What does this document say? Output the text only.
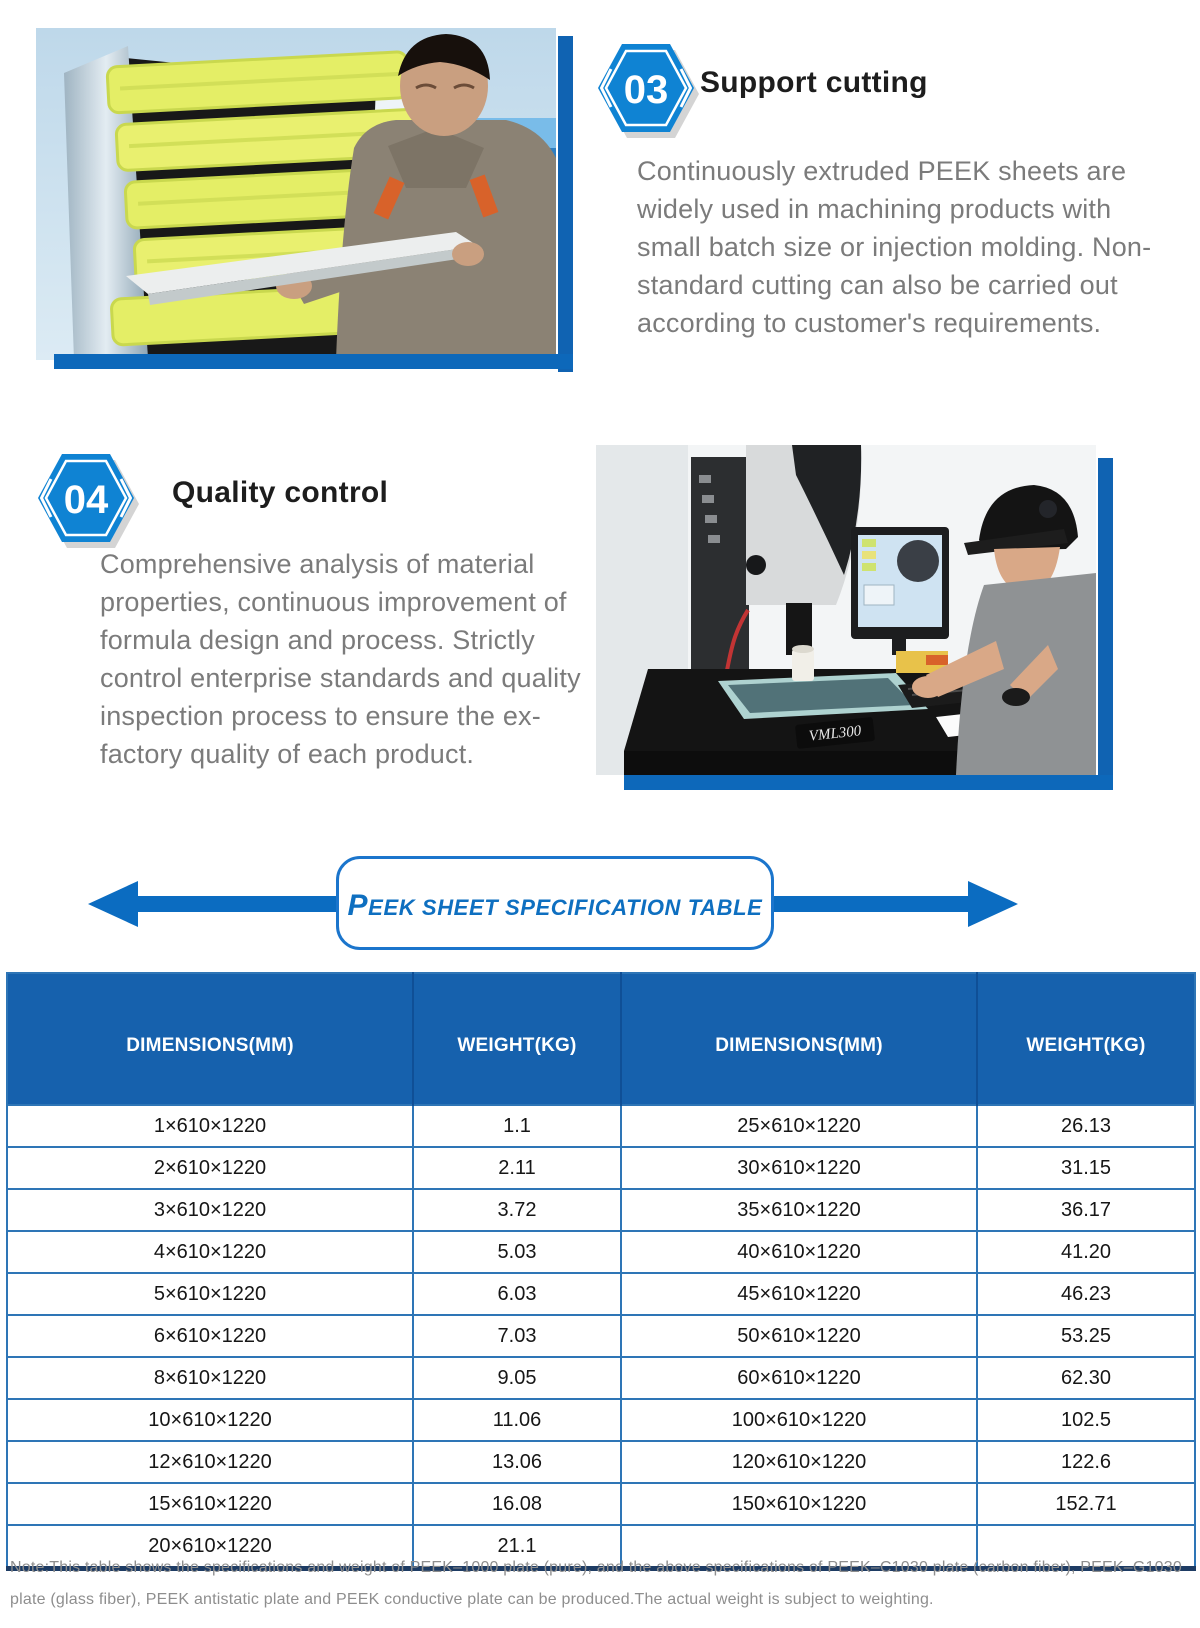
03 Support cutting
Continuously extruded PEEK sheets are widely used in machining products with small batch size or injection molding. Non-standard cutting can also be carried out according to customer's requirements.
04 Quality control
Comprehensive analysis of material properties, continuous improvement of formula design and process. Strictly control enterprise standards and quality inspection process to ensure the ex-factory quality of each product.
VML300
PEEK SHEET SPECIFICATION TABLE
DIMENSIONS(MM)	WEIGHT(KG)	DIMENSIONS(MM)	WEIGHT(KG)
1×610×1220	1.1	25×610×1220	26.13
2×610×1220	2.11	30×610×1220	31.15
3×610×1220	3.72	35×610×1220	36.17
4×610×1220	5.03	40×610×1220	41.20
5×610×1220	6.03	45×610×1220	46.23
6×610×1220	7.03	50×610×1220	53.25
8×610×1220	9.05	60×610×1220	62.30
10×610×1220	11.06	100×610×1220	102.5
12×610×1220	13.06	120×610×1220	122.6
15×610×1220	16.08	150×610×1220	152.71
20×610×1220	21.1		
Note:This table shows the specifications and weight of PEEK–1000 plate (pure), and the above specifications of PEEK–C1030 plate (carbon fiber), PEEK–G1030 plate (glass fiber), PEEK antistatic plate and PEEK conductive plate can be produced.The actual weight is subject to weighting.
